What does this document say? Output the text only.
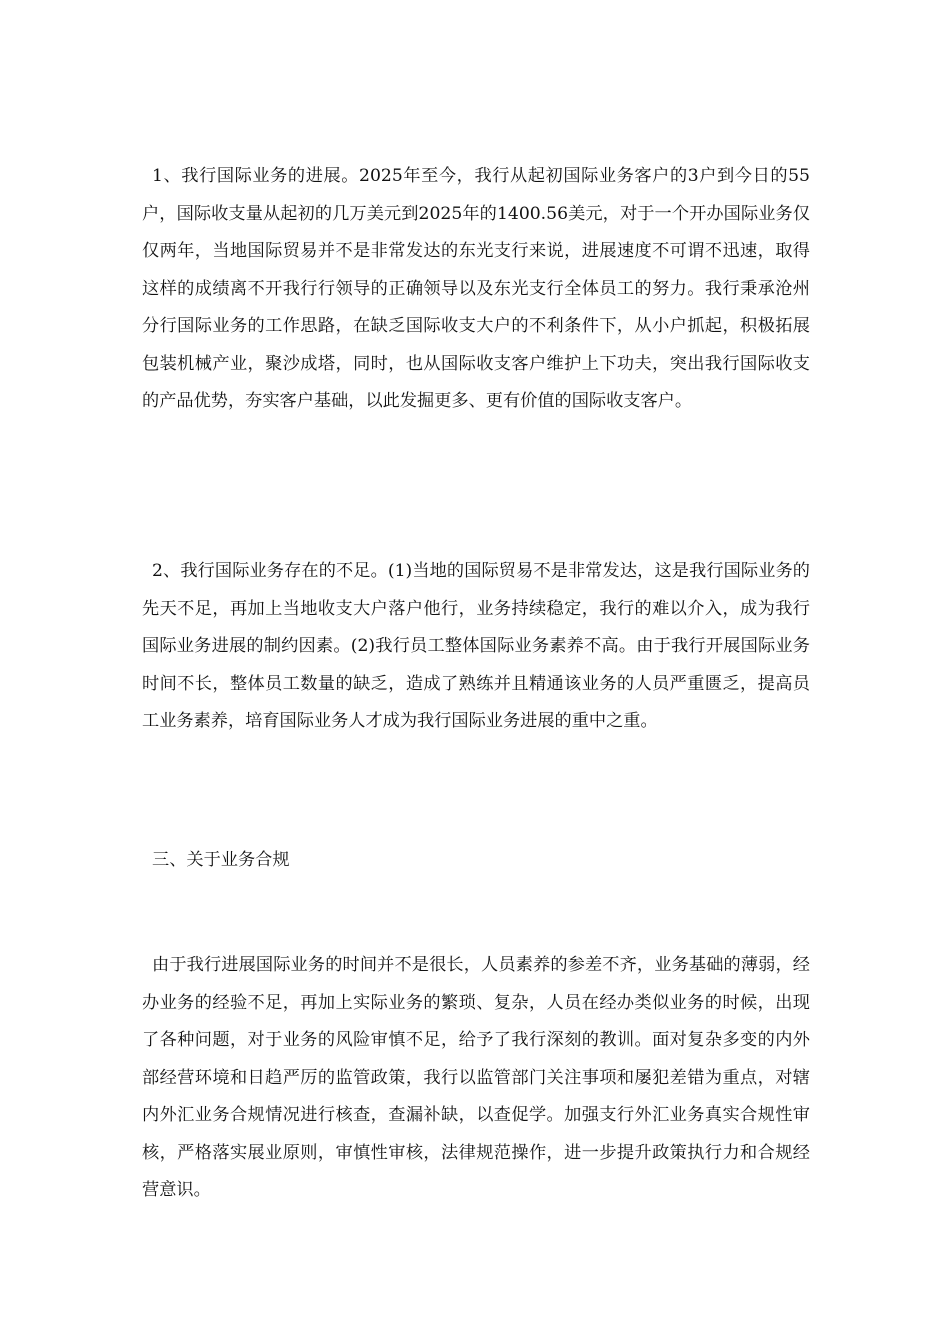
1、我行国际业务的进展。2025年至今，我行从起初国际业务客户的3户到今日的55户，国际收支量从起初的几万美元到2025年的1400.56美元，对于一个开办国际业务仅仅两年，当地国际贸易并不是非常发达的东光支行来说，进展速度不可谓不迅速，取得这样的成绩离不开我行行领导的正确领导以及东光支行全体员工的努力。我行秉承沧州分行国际业务的工作思路，在缺乏国际收支大户的不利条件下，从小户抓起，积极拓展包装机械产业，聚沙成塔，同时，也从国际收支客户维护上下功夫，突出我行国际收支的产品优势，夯实客户基础，以此发掘更多、更有价值的国际收支客户。

2、我行国际业务存在的不足。(1)当地的国际贸易不是非常发达，这是我行国际业务的先天不足，再加上当地收支大户落户他行，业务持续稳定，我行的难以介入，成为我行国际业务进展的制约因素。(2)我行员工整体国际业务素养不高。由于我行开展国际业务时间不长，整体员工数量的缺乏，造成了熟练并且精通该业务的人员严重匮乏，提高员工业务素养，培育国际业务人才成为我行国际业务进展的重中之重。

三、关于业务合规

由于我行进展国际业务的时间并不是很长，人员素养的参差不齐，业务基础的薄弱，经办业务的经验不足，再加上实际业务的繁琐、复杂，人员在经办类似业务的时候，出现了各种问题，对于业务的风险审慎不足，给予了我行深刻的教训。面对复杂多变的内外部经营环境和日趋严厉的监管政策，我行以监管部门关注事项和屡犯差错为重点，对辖内外汇业务合规情况进行核查，查漏补缺，以查促学。加强支行外汇业务真实合规性审核，严格落实展业原则，审慎性审核，法律规范操作，进一步提升政策执行力和合规经营意识。
